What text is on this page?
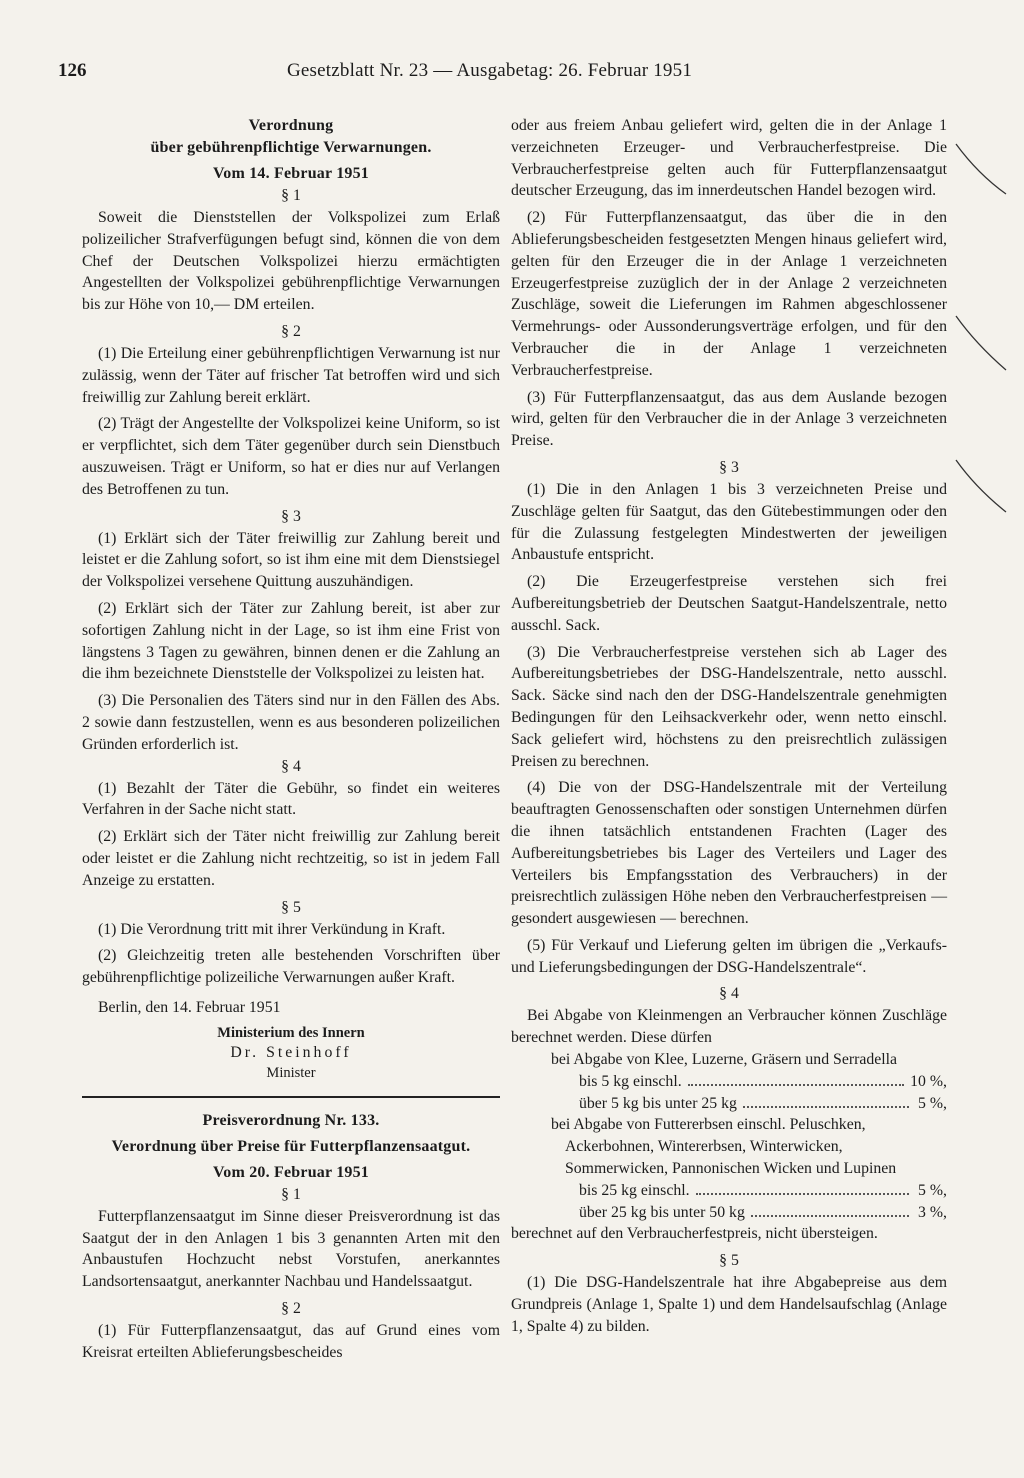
126	Gesetzblatt Nr. 23 — Ausgabetag: 26. Februar 1951
Verordnung
über gebührenpflichtige Verwarnungen.
Vom 14. Februar 1951
§ 1

Soweit die Dienststellen der Volkspolizei zum Erlaß polizeilicher Strafverfügungen befugt sind, können die von dem Chef der Deutschen Volkspolizei hierzu ermächtigten Angestellten der Volkspolizei gebührenpflichtige Verwarnungen bis zur Höhe von 10,— DM erteilen.

§ 2

(1) Die Erteilung einer gebührenpflichtigen Verwarnung ist nur zulässig, wenn der Täter auf frischer Tat betroffen wird und sich freiwillig zur Zahlung bereit erklärt.

(2) Trägt der Angestellte der Volkspolizei keine Uniform, so ist er verpflichtet, sich dem Täter gegenüber durch sein Dienstbuch auszuweisen. Trägt er Uniform, so hat er dies nur auf Verlangen des Betroffenen zu tun.

§ 3

(1) Erklärt sich der Täter freiwillig zur Zahlung bereit und leistet er die Zahlung sofort, so ist ihm eine mit dem Dienstsiegel der Volkspolizei versehene Quittung auszuhändigen.

(2) Erklärt sich der Täter zur Zahlung bereit, ist aber zur sofortigen Zahlung nicht in der Lage, so ist ihm eine Frist von längstens 3 Tagen zu gewähren, binnen denen er die Zahlung an die ihm bezeichnete Dienststelle der Volkspolizei zu leisten hat.

(3) Die Personalien des Täters sind nur in den Fällen des Abs. 2 sowie dann festzustellen, wenn es aus besonderen polizeilichen Gründen erforderlich ist.

§ 4

(1) Bezahlt der Täter die Gebühr, so findet ein weiteres Verfahren in der Sache nicht statt.

(2) Erklärt sich der Täter nicht freiwillig zur Zahlung bereit oder leistet er die Zahlung nicht rechtzeitig, so ist in jedem Fall Anzeige zu erstatten.

§ 5

(1) Die Verordnung tritt mit ihrer Verkündung in Kraft.

(2) Gleichzeitig treten alle bestehenden Vorschriften über gebührenpflichtige polizeiliche Verwarnungen außer Kraft.

Berlin, den 14. Februar 1951

Ministerium des Innern
Dr. Steinhoff
Minister
Preisverordnung Nr. 133.
Verordnung über Preise für Futterpflanzensaatgut.
Vom 20. Februar 1951
§ 1

Futterpflanzensaatgut im Sinne dieser Preisverordnung ist das Saatgut der in den Anlagen 1 bis 3 genannten Arten mit den Anbaustufen Hochzucht nebst Vorstufen, anerkanntes Landsortensaatgut, anerkannter Nachbau und Handelssaatgut.

§ 2

(1) Für Futterpflanzensaatgut, das auf Grund eines vom Kreisrat erteilten Ablieferungsbescheides

oder aus freiem Anbau geliefert wird, gelten die in der Anlage 1 verzeichneten Erzeuger- und Verbraucherfestpreise. Die Verbraucherfestpreise gelten auch für Futterpflanzensaatgut deutscher Erzeugung, das im innerdeutschen Handel bezogen wird.

(2) Für Futterpflanzensaatgut, das über die in den Ablieferungsbescheiden festgesetzten Mengen hinaus geliefert wird, gelten für den Erzeuger die in der Anlage 1 verzeichneten Erzeugerfestpreise zuzüglich der in der Anlage 2 verzeichneten Zuschläge, soweit die Lieferungen im Rahmen abgeschlossener Vermehrungs- oder Aussonderungsverträge erfolgen, und für den Verbraucher die in der Anlage 1 verzeichneten Verbraucherfestpreise.

(3) Für Futterpflanzensaatgut, das aus dem Auslande bezogen wird, gelten für den Verbraucher die in der Anlage 3 verzeichneten Preise.

§ 3

(1) Die in den Anlagen 1 bis 3 verzeichneten Preise und Zuschläge gelten für Saatgut, das den Gütebestimmungen oder den für die Zulassung festgelegten Mindestwerten der jeweiligen Anbaustufe entspricht.

(2) Die Erzeugerfestpreise verstehen sich frei Aufbereitungsbetrieb der Deutschen Saatgut-Handelszentrale, netto ausschl. Sack.

(3) Die Verbraucherfestpreise verstehen sich ab Lager des Aufbereitungsbetriebes der DSG-Handelszentrale, netto ausschl. Sack. Säcke sind nach den der DSG-Handelszentrale genehmigten Bedingungen für den Leihsackverkehr oder, wenn netto einschl. Sack geliefert wird, höchstens zu den preisrechtlich zulässigen Preisen zu berechnen.

(4) Die von der DSG-Handelszentrale mit der Verteilung beauftragten Genossenschaften oder sonstigen Unternehmen dürfen die ihnen tatsächlich entstandenen Frachten (Lager des Aufbereitungsbetriebes bis Lager des Verteilers und Lager des Verteilers bis Empfangsstation des Verbrauchers) in der preisrechtlich zulässigen Höhe neben den Verbraucherfestpreisen — gesondert ausgewiesen — berechnen.

(5) Für Verkauf und Lieferung gelten im übrigen die „Verkaufs- und Lieferungsbedingungen der DSG-Handelszentrale“.

§ 4

Bei Abgabe von Kleinmengen an Verbraucher können Zuschläge berechnet werden. Diese dürfen

bei Abgabe von Klee, Luzerne, Gräsern und Serradella

bis 5 kg einschl.	10 %,
über 5 kg bis unter 25 kg	5 %,

bei Abgabe von Futtererbsen einschl. Peluschken, Ackerbohnen, Wintererbsen, Winterwicken, Sommerwicken, Pannonischen Wicken und Lupinen

bis 25 kg einschl.	5 %,
über 25 kg bis unter 50 kg	3 %,

berechnet auf den Verbraucherfestpreis, nicht übersteigen.

§ 5

(1) Die DSG-Handelszentrale hat ihre Abgabepreise aus dem Grundpreis (Anlage 1, Spalte 1) und dem Handelsaufschlag (Anlage 1, Spalte 4) zu bilden.
